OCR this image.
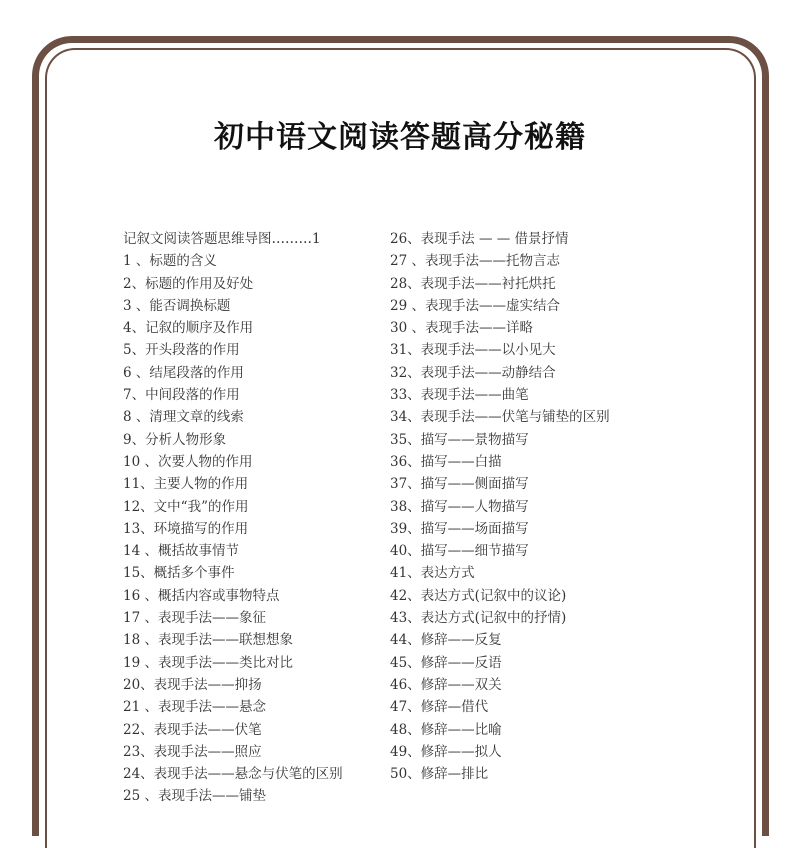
初中语文阅读答题高分秘籍
记叙文阅读答题思维导图………1
1 、标题的含义
2、标题的作用及好处
3 、能否调换标题
4、记叙的顺序及作用
5、开头段落的作用
6 、结尾段落的作用
7、中间段落的作用
8 、清理文章的线索
9、分析人物形象
10 、次要人物的作用
11、主要人物的作用
12、文中“我”的作用
13、环境描写的作用
14 、概括故事情节
15、概括多个事件
16 、概括内容或事物特点
17 、表现手法——象征
18 、表现手法——联想想象
19 、表现手法——类比对比
20、表现手法——抑扬
21 、表现手法——悬念
22、表现手法——伏笔
23、表现手法——照应
24、表现手法——悬念与伏笔的区别
25 、表现手法——铺垫
26、表现手法 — — 借景抒情
27 、表现手法——托物言志
28、表现手法——衬托烘托
29 、表现手法——虚实结合
30 、表现手法——详略
31、表现手法——以小见大
32、表现手法——动静结合
33、表现手法——曲笔
34、表现手法——伏笔与铺垫的区别
35、描写——景物描写
36、描写——白描
37、描写——侧面描写
38、描写——人物描写
39、描写——场面描写
40、描写——细节描写
41、表达方式
42、表达方式(记叙中的议论)
43、表达方式(记叙中的抒情)
44、修辞——反复
45、修辞——反语
46、修辞——双关
47、修辞—借代
48、修辞——比喻
49、修辞——拟人
50、修辞—排比
